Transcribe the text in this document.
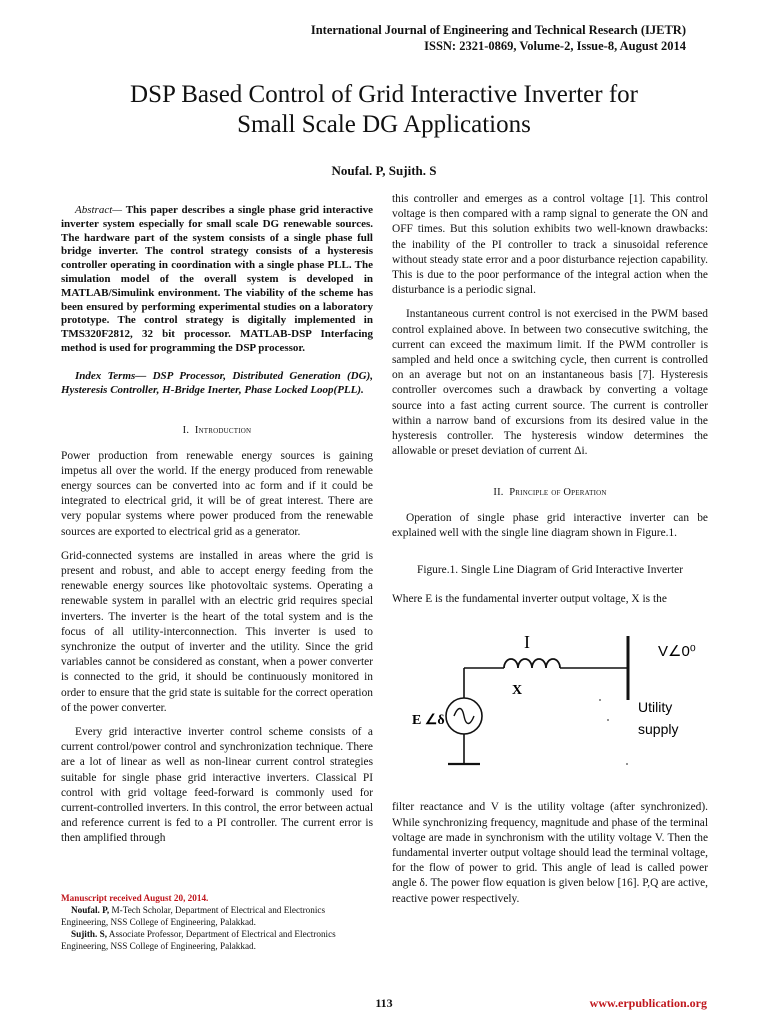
International Journal of Engineering and Technical Research (IJETR)
ISSN: 2321-0869, Volume-2, Issue-8, August 2014
DSP Based Control of Grid Interactive Inverter for
Small Scale DG Applications
Noufal. P, Sujith. S

Abstract— This paper describes a single phase grid interactive inverter system especially for small scale DG renewable sources. The hardware part of the system consists of a single phase full bridge inverter. The control strategy consists of a hysteresis controller operating in coordination with a single phase PLL. The simulation model of the overall system is developed in MATLAB/Simulink environment. The viability of the scheme has been ensured by performing experimental studies on a laboratory prototype. The control strategy is digitally implemented in TMS320F2812, 32 bit processor. MATLAB-DSP Interfacing method is used for programming the DSP processor.

Index Terms— DSP Processor, Distributed Generation (DG), Hysteresis Controller, H-Bridge Inerter, Phase Locked Loop(PLL).

I. Introduction

Power production from renewable energy sources is gaining impetus all over the world. If the energy produced from renewable energy sources can be converted into ac form and if it could be integrated to electrical grid, it will be of great interest. There are very popular systems where power produced from the renewable sources are exported to electrical grid as a generator.

Grid-connected systems are installed in areas where the grid is present and robust, and able to accept energy feeding from the renewable energy sources like photovoltaic systems. Operating a renewable system in parallel with an electric grid requires special inverters. The inverter is the heart of the total system and is the focus of all utility-interconnection. This inverter is used to synchronize the output of inverter and the utility. Since the grid variables cannot be considered as constant, when a power converter is connected to the grid, it should be continuously monitored in order to ensure that the grid state is suitable for the correct operation of the power converter.

Every grid interactive inverter control scheme consists of a current control/power control and synchronization technique. There are a lot of linear as well as non-linear current control strategies suitable for single phase grid interactive inverters. Classical PI control with grid voltage feed-forward is commonly used for current-controlled inverters. In this control, the error between actual and reference current is fed to a PI controller. The current error is then amplified through

this controller and emerges as a control voltage [1]. This control voltage is then compared with a ramp signal to generate the ON and OFF times. But this solution exhibits two well-known drawbacks: the inability of the PI controller to track a sinusoidal reference without steady state error and a poor disturbance rejection capability. This is due to the poor performance of the integral action when the disturbance is a periodic signal.

Instantaneous current control is not exercised in the PWM based control explained above. In between two consecutive switching, the current can exceed the maximum limit. If the PWM controller is sampled and held once a switching cycle, then current is controlled on an average but not on an instantaneous basis [7]. Hysteresis controller overcomes such a drawback by converting a voltage source into a fast acting current source. The current is controller within a narrow band of excursions from its desired value in the hysteresis controller. The hysteresis window determines the allowable or preset deviation of current Δi.

II. Principle of Operation

Operation of single phase grid interactive inverter can be explained well with the single line diagram shown in Figure.1.

Figure.1. Single Line Diagram of Grid Interactive Inverter

Where E is the fundamental inverter output voltage, X is the

I
X
V∠0⁰
E ∠δ
Utility
supply

filter reactance and V is the utility voltage (after synchronized). While synchronizing frequency, magnitude and phase of the terminal voltage are made in synchronism with the utility voltage V. Then the fundamental inverter output voltage should lead the terminal voltage, for the flow of power to grid. This angle of lead is called power angle δ. The power flow equation is given below [16]. P,Q are active, reactive power respectively.

Manuscript received August 20, 2014.
Noufal. P, M-Tech Scholar, Department of Electrical and Electronics Engineering, NSS College of Engineering, Palakkad.
Sujith. S, Associate Professor, Department of Electrical and Electronics Engineering, NSS College of Engineering, Palakkad.
113	www.erpublication.org
